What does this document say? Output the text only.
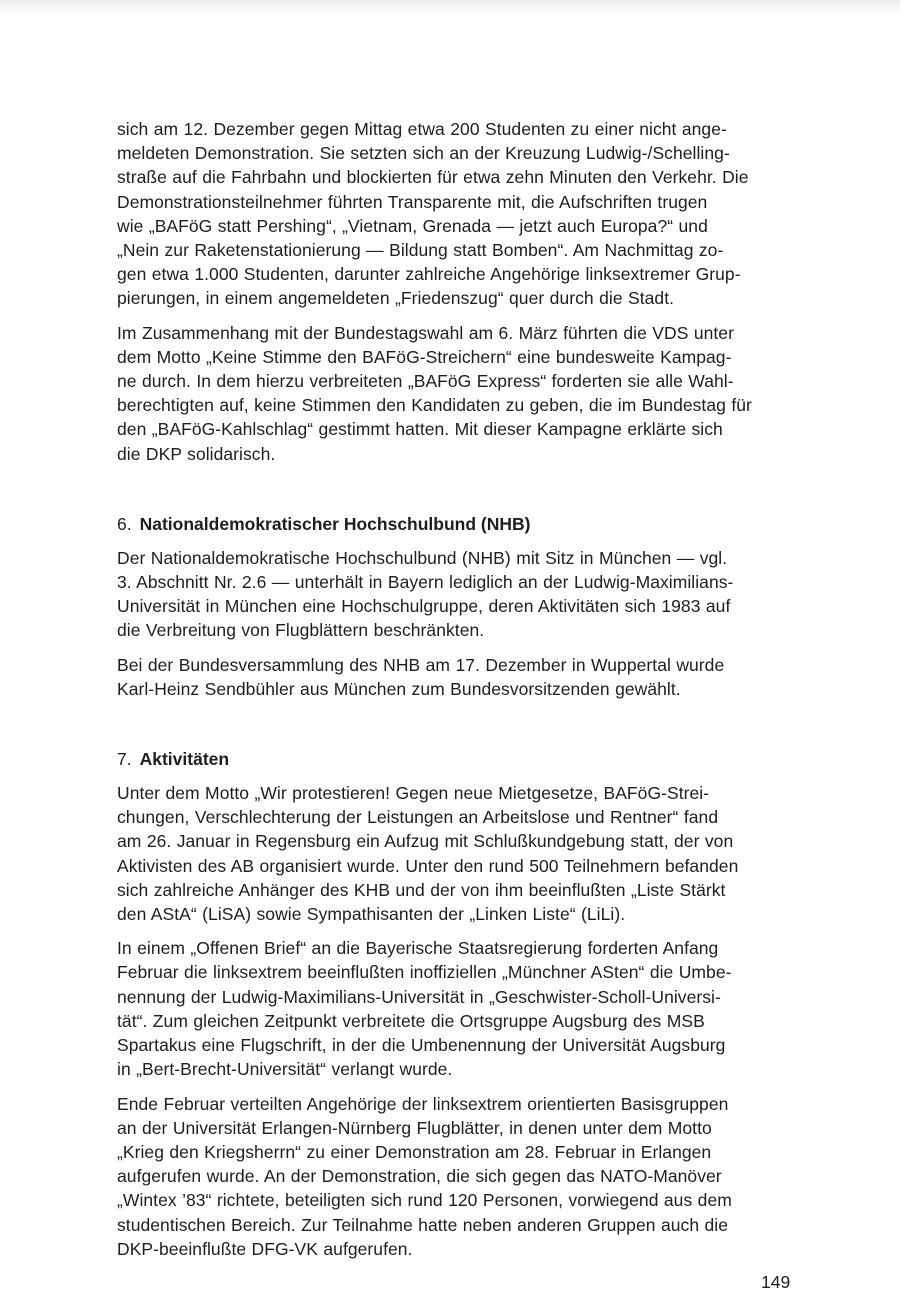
sich am 12. Dezember gegen Mittag etwa 200 Studenten zu einer nicht ange-
meldeten Demonstration. Sie setzten sich an der Kreuzung Ludwig-/Schelling-
straße auf die Fahrbahn und blockierten für etwa zehn Minuten den Verkehr. Die
Demonstrationsteilnehmer führten Transparente mit, die Aufschriften trugen
wie „BAFöG statt Pershing“, „Vietnam, Grenada — jetzt auch Europa?“ und
„Nein zur Raketenstationierung — Bildung statt Bomben“. Am Nachmittag zo-
gen etwa 1.000 Studenten, darunter zahlreiche Angehörige linksextremer Grup-
pierungen, in einem angemeldeten „Friedenszug“ quer durch die Stadt.

Im Zusammenhang mit der Bundestagswahl am 6. März führten die VDS unter
dem Motto „Keine Stimme den BAFöG-Streichern“ eine bundesweite Kampag-
ne durch. In dem hierzu verbreiteten „BAFöG Express“ forderten sie alle Wahl-
berechtigten auf, keine Stimmen den Kandidaten zu geben, die im Bundestag für
den „BAFöG-Kahlschlag“ gestimmt hatten. Mit dieser Kampagne erklärte sich
die DKP solidarisch.

6. Nationaldemokratischer Hochschulbund (NHB)

Der Nationaldemokratische Hochschulbund (NHB) mit Sitz in München — vgl.
3. Abschnitt Nr. 2.6 — unterhält in Bayern lediglich an der Ludwig-Maximilians-
Universität in München eine Hochschulgruppe, deren Aktivitäten sich 1983 auf
die Verbreitung von Flugblättern beschränkten.

Bei der Bundesversammlung des NHB am 17. Dezember in Wuppertal wurde
Karl-Heinz Sendbühler aus München zum Bundesvorsitzenden gewählt.

7. Aktivitäten

Unter dem Motto „Wir protestieren! Gegen neue Mietgesetze, BAFöG-Strei-
chungen, Verschlechterung der Leistungen an Arbeitslose und Rentner“ fand
am 26. Januar in Regensburg ein Aufzug mit Schlußkundgebung statt, der von
Aktivisten des AB organisiert wurde. Unter den rund 500 Teilnehmern befanden
sich zahlreiche Anhänger des KHB und der von ihm beeinflußten „Liste Stärkt
den AStA“ (LiSA) sowie Sympathisanten der „Linken Liste“ (LiLi).

In einem „Offenen Brief“ an die Bayerische Staatsregierung forderten Anfang
Februar die linksextrem beeinflußten inoffiziellen „Münchner ASten“ die Umbe-
nennung der Ludwig-Maximilians-Universität in „Geschwister-Scholl-Universi-
tät“. Zum gleichen Zeitpunkt verbreitete die Ortsgruppe Augsburg des MSB
Spartakus eine Flugschrift, in der die Umbenennung der Universität Augsburg
in „Bert-Brecht-Universität“ verlangt wurde.

Ende Februar verteilten Angehörige der linksextrem orientierten Basisgruppen
an der Universität Erlangen-Nürnberg Flugblätter, in denen unter dem Motto
„Krieg den Kriegsherrn“ zu einer Demonstration am 28. Februar in Erlangen
aufgerufen wurde. An der Demonstration, die sich gegen das NATO-Manöver
„Wintex ’83“ richtete, beteiligten sich rund 120 Personen, vorwiegend aus dem
studentischen Bereich. Zur Teilnahme hatte neben anderen Gruppen auch die
DKP-beeinflußte DFG-VK aufgerufen.

149
